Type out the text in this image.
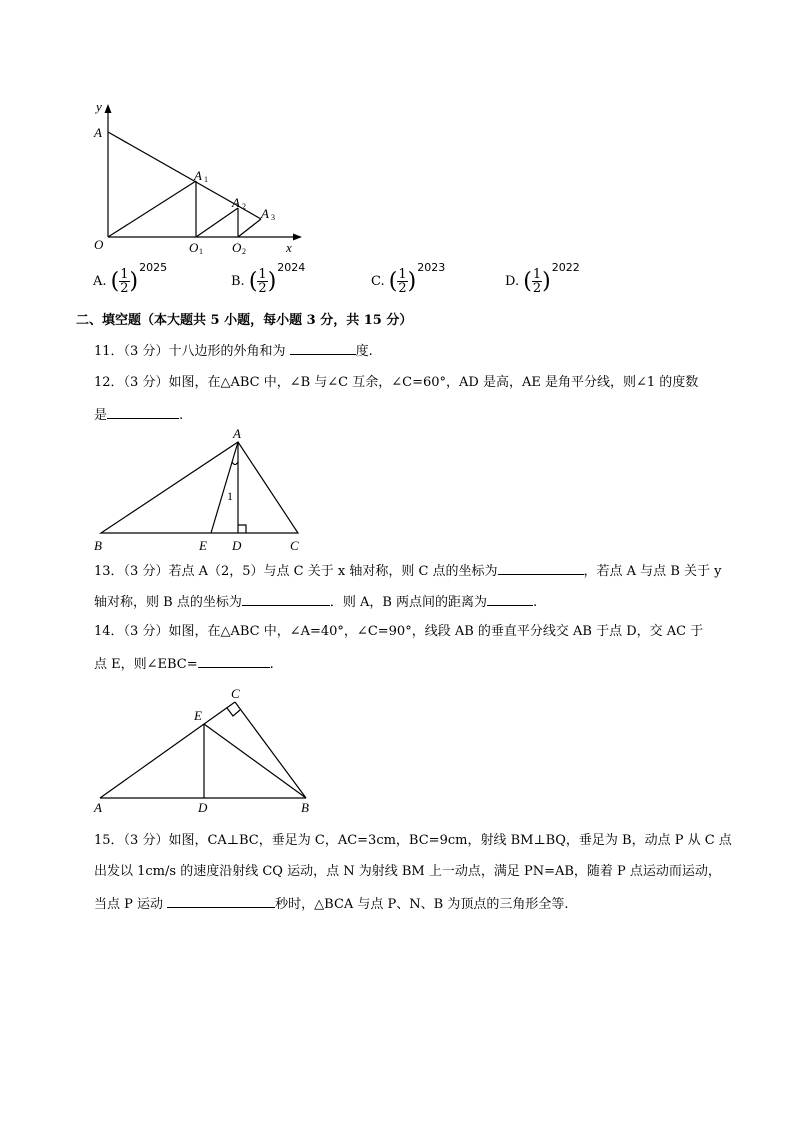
y
x
A
A
A
A
O	O	O
1
2
3
1	2
A. ( $\frac{1}{2} )^{2025}$
B. ( $\frac{1}{2} )^{2024}$
C. ( $\frac{1}{2} )^{2023}$
D. ( $\frac{1}{2} )^{2022}$
二、填空题（本大题共 5 小题，每小题 3 分，共 15 分）
11．（3 分）十八边形的外角和为	度.
12．（3 分）如图，在△ABC 中，∠B 与∠C 互余，∠C=60°，AD 是高，AE 是角平分线，则∠1 的度数
是	.
A
B	E D	C
1
13．（3 分）若点 A（2，5）与点 C 关于 x 轴对称，则 C 点的坐标为	，若点 A 与点 B 关于 y
轴对称，则 B 点的坐标为	．则 A，B 两点间的距离为	.
14．（3 分）如图，在△ABC 中，∠A=40°，∠C=90°，线段 AB 的垂直平分线交 AB 于点 D，交 AC 于
点 E，则∠EBC=	.
C
E
A	D	B
15．（3 分）如图，CA⊥BC，垂足为 C，AC=3cm，BC=9cm，射线 BM⊥BQ，垂足为 B，动点 P 从 C 点
出发以 1cm/s 的速度沿射线 CQ 运动，点 N 为射线 BM 上一动点，满足 PN=AB，随着 P 点运动而运动，
当点 P 运动	秒时，△BCA 与点 P、N、B 为顶点的三角形全等.
